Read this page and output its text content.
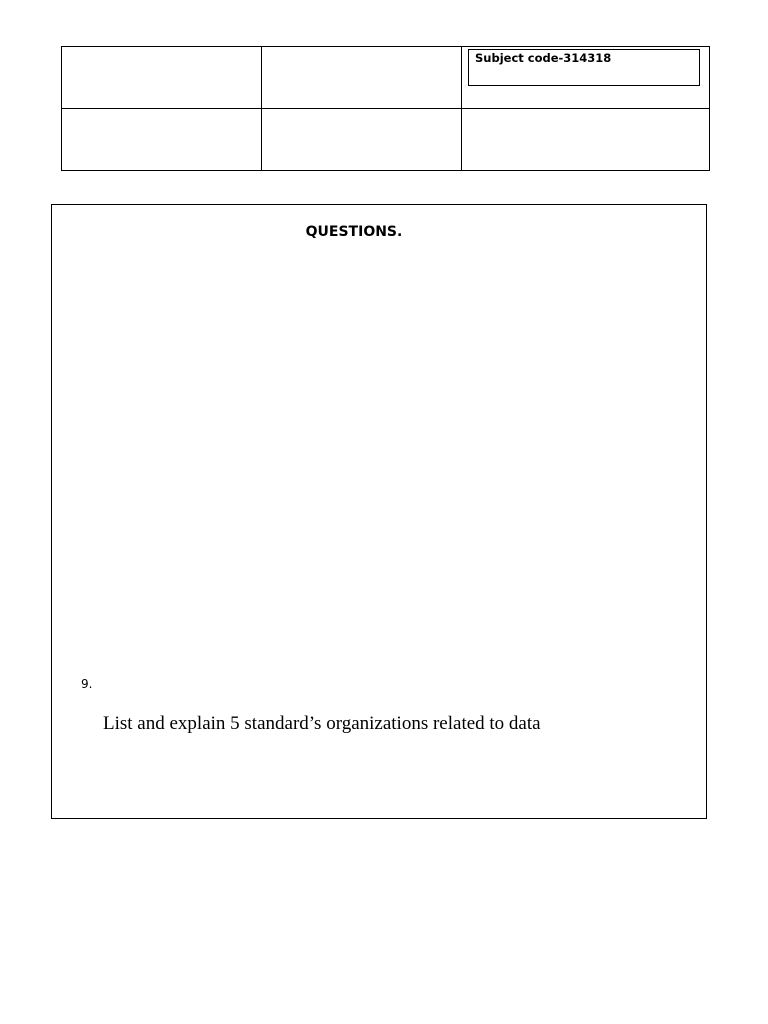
		Subject code-314318

QUESTIONS.
9.
List and explain 5 standard’s organizations related to data
